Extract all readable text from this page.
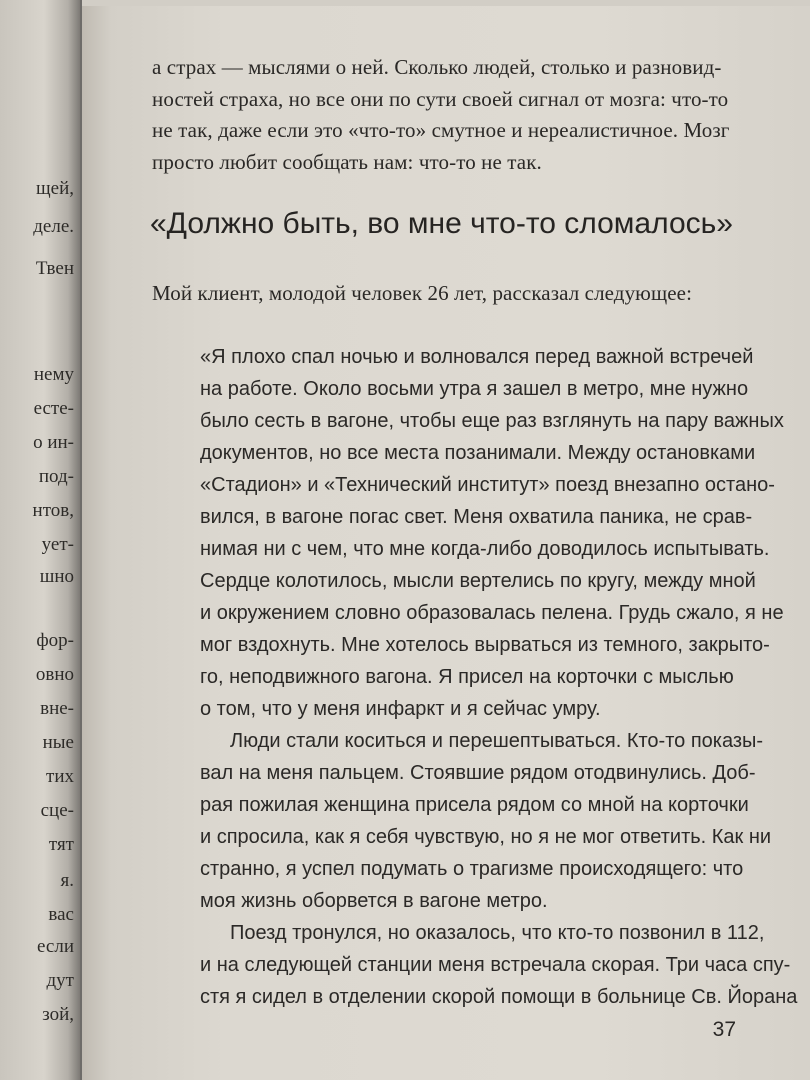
щей,
деле.
Твен
нему
есте-
о ин-
под-
нтов,
ует-
шно
фор-
овно
вне-
ные
тих
сце-
тят
я.
вас
если
дут
зой,
а страх — мыслями о ней. Сколько людей, столько и разновид-
ностей страха, но все они по сути своей сигнал от мозга: что-то
не так, даже если это «что-то» смутное и нереалистичное. Мозг
просто любит сообщать нам: что-то не так.
«Должно быть, во мне что-то сломалось»
Мой клиент, молодой человек 26 лет, рассказал следующее:
«Я плохо спал ночью и волновался перед важной встречей
на работе. Около восьми утра я зашел в метро, мне нужно
было сесть в вагоне, чтобы еще раз взглянуть на пару важных
документов, но все места позанимали. Между остановками
«Стадион» и «Технический институт» поезд внезапно остано-
вился, в вагоне погас свет. Меня охватила паника, не срав-
нимая ни с чем, что мне когда-либо доводилось испытывать.
Сердце колотилось, мысли вертелись по кругу, между мной
и окружением словно образовалась пелена. Грудь сжало, я не
мог вздохнуть. Мне хотелось вырваться из темного, закрыто-
го, неподвижного вагона. Я присел на корточки с мыслью
о том, что у меня инфаркт и я сейчас умру.
Люди стали коситься и перешептываться. Кто-то показы-
вал на меня пальцем. Стоявшие рядом отодвинулись. Доб-
рая пожилая женщина присела рядом со мной на корточки
и спросила, как я себя чувствую, но я не мог ответить. Как ни
странно, я успел подумать о трагизме происходящего: что
моя жизнь оборвется в вагоне метро.
Поезд тронулся, но оказалось, что кто-то позвонил в 112,
и на следующей станции меня встречала скорая. Три часа спу-
стя я сидел в отделении скорой помощи в больнице Св. Йорана
37
